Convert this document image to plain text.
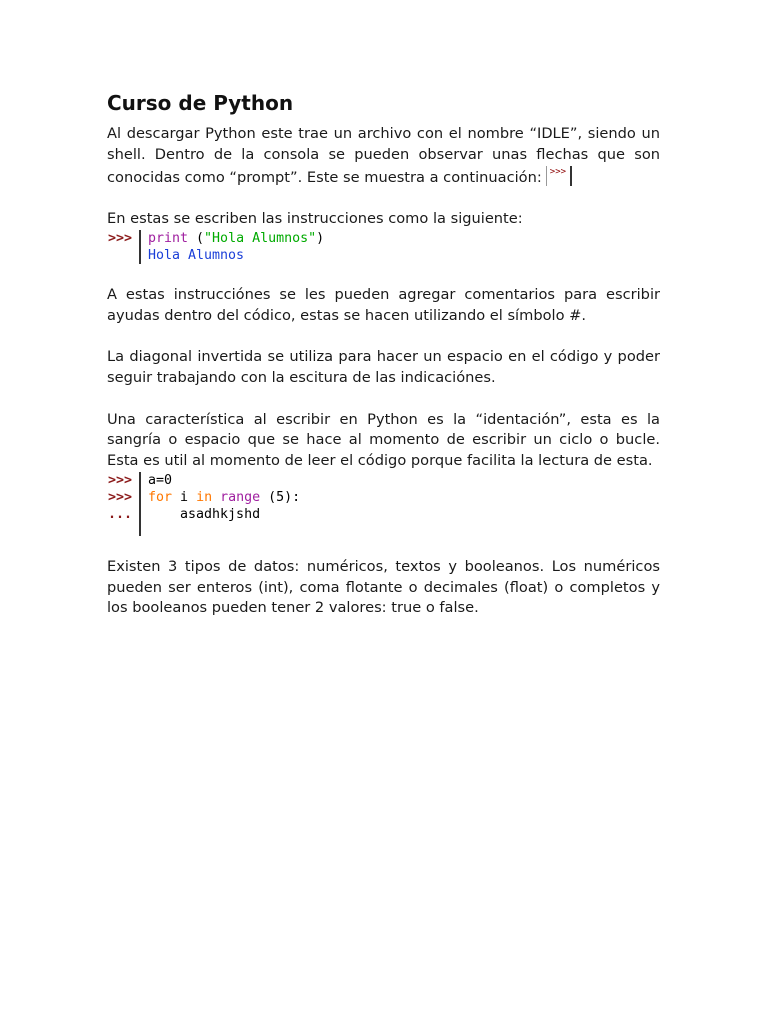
Curso de Python

Al descargar Python este trae un archivo con el nombre “IDLE”, siendo un shell. Dentro de la consola se pueden observar unas flechas que son conocidas como “prompt”. Este se muestra a continuación: >>>

En estas se escriben las instrucciones como la siguiente:

>>>	print ("Hola Alumnos")
Hola Alumnos

A estas instrucciónes se les pueden agregar comentarios para escribir ayudas dentro del códico, estas se hacen utilizando el símbolo #.

La diagonal invertida se utiliza para hacer un espacio en el código y poder seguir trabajando con la escitura de las indicaciónes.

Una característica al escribir en Python es la “identación”, esta es la sangría o espacio que se hace al momento de escribir un ciclo o bucle. Esta es util al momento de leer el código porque facilita la lectura de esta.

>>>
>>>
...
a=0
for i in range (5):
asadhkjshd

Existen 3 tipos de datos: numéricos, textos y booleanos. Los numéricos pueden ser enteros (int), coma flotante o decimales (float) o completos y los booleanos pueden tener 2 valores: true o false.
